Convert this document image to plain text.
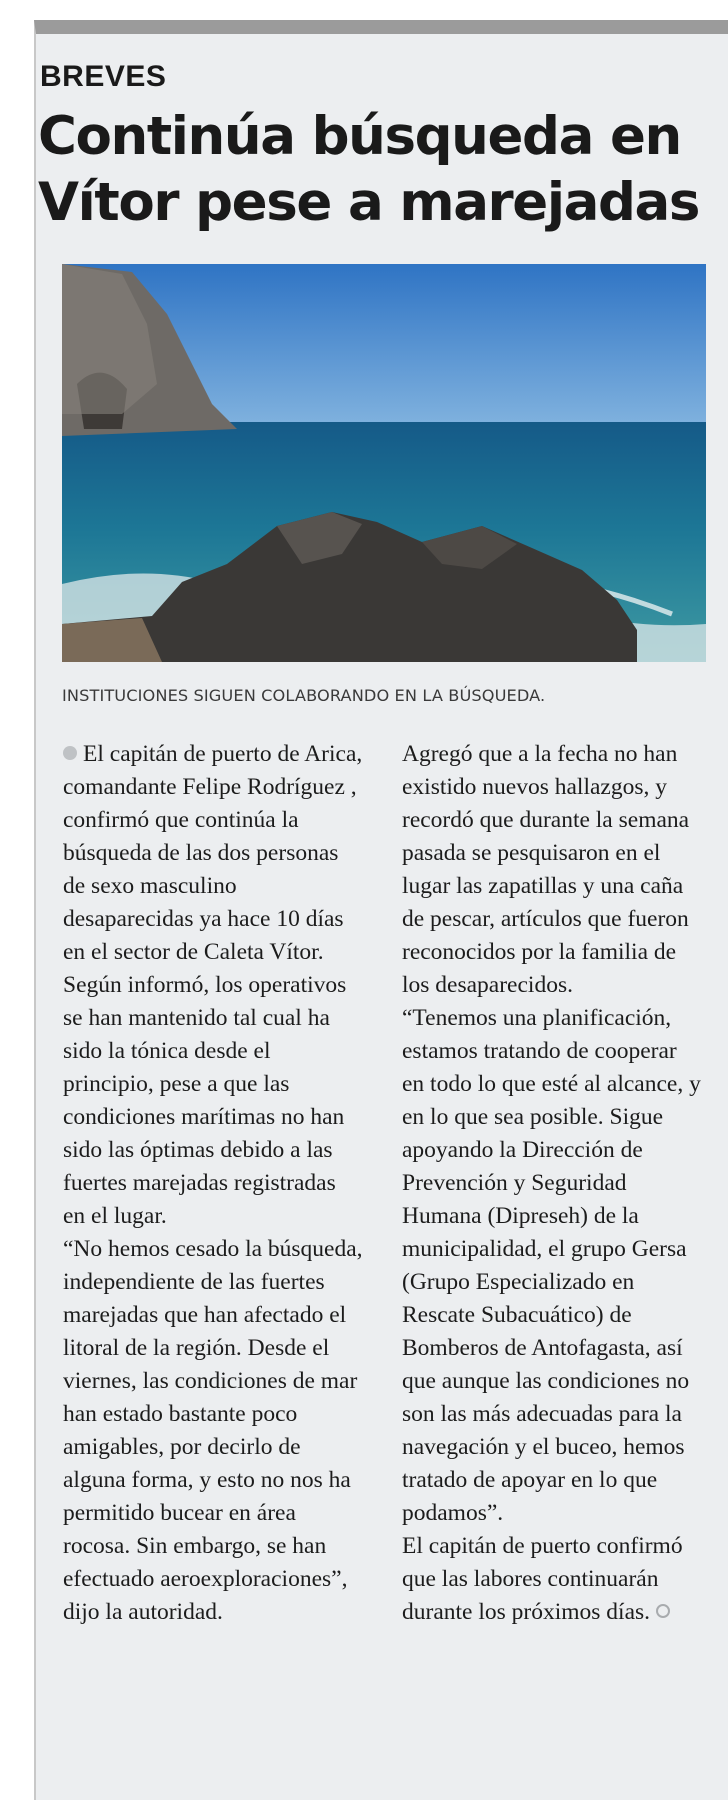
BREVES
Continúa búsqueda en Vítor pese a marejadas
INSTITUCIONES SIGUEN COLABORANDO EN LA BÚSQUEDA.

El capitán de puerto de Arica, comandante Felipe Rodríguez , confirmó que continúa la búsqueda de las dos personas de sexo masculino desaparecidas ya hace 10 días en el sector de Caleta Vítor.

Según informó, los operativos se han mantenido tal cual ha sido la tónica desde el principio, pese a que las condiciones marítimas no han sido las óptimas debido a las fuertes marejadas registradas en el lugar.

“No hemos cesado la búsqueda, independiente de las fuertes marejadas que han afectado el litoral de la región. Desde el viernes, las condiciones de mar han estado bastante poco amigables, por decirlo de alguna forma, y esto no nos ha permitido bucear en área rocosa. Sin embargo, se han efectuado aeroexploraciones”, dijo la autoridad.

Agregó que a la fecha no han existido nuevos hallazgos, y recordó que durante la semana pasada se pesquisaron en el lugar las zapatillas y una caña de pescar, artículos que fueron reconocidos por la familia de los desaparecidos.

“Tenemos una planificación, estamos tratando de cooperar en todo lo que esté al alcance, y en lo que sea posible. Sigue apoyando la Dirección de Prevención y Seguridad Humana (Dipreseh) de la municipalidad, el grupo Gersa (Grupo Especializado en Rescate Subacuático) de Bomberos de Antofagasta, así que aunque las condiciones no son las más adecuadas para la navegación y el buceo, hemos tratado de apoyar en lo que podamos”.

El capitán de puerto confirmó que las labores continuarán durante los próximos días.
